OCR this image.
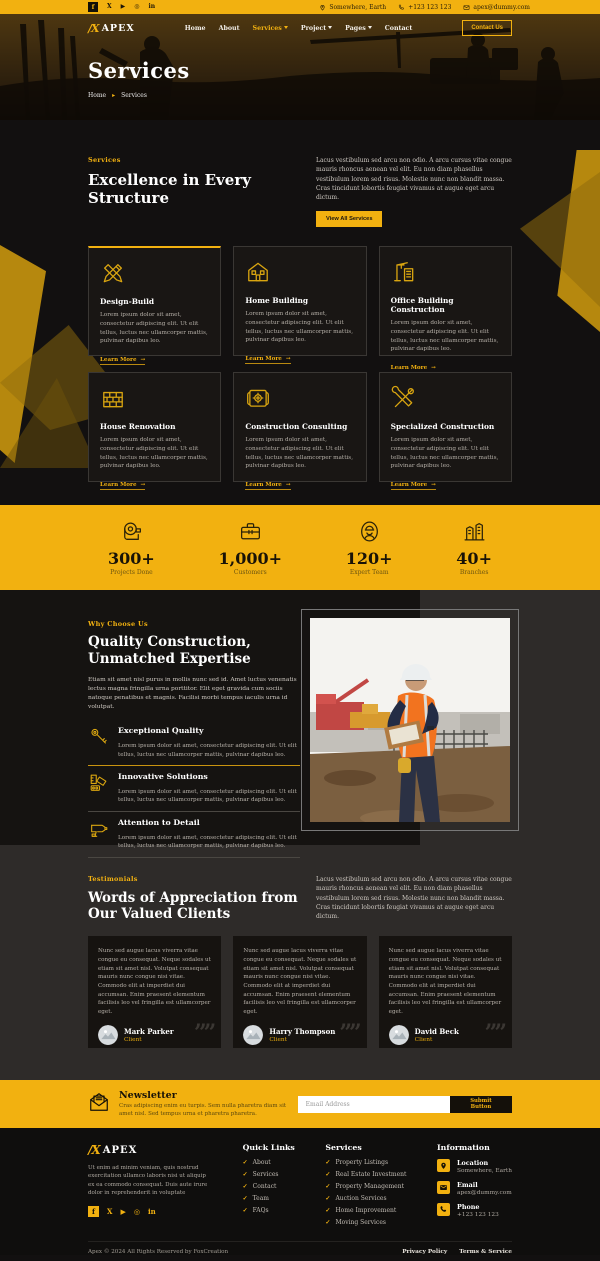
f	X ▶ ◎ in	Somewhere, Earth	+123 123 123	apex@dummy.com
/X APEX	Home About Services	Project	Pages	Contact	Contact Us
Services
Home ▸ Services
Services
Excellence in Every Structure

Lacus vestibulum sed arcu non odio. A arcu cursus vitae congue mauris rhoncus aenean vel elit. Eu non diam phasellus vestibulum lorem sed risus. Molestie nunc non blandit massa. Cras tincidunt lobortis feugiat vivamus at augue eget arcu dictum.

View All Services
Design-Build

Lorem ipsum dolor sit amet, consectetur adipiscing elit. Ut elit tellus, luctus nec ullamcorper mattis, pulvinar dapibus leo.

Learn More →
Home Building

Lorem ipsum dolor sit amet, consectetur adipiscing elit. Ut elit tellus, luctus nec ullamcorper mattis, pulvinar dapibus leo.

Learn More →
Office Building Construction

Lorem ipsum dolor sit amet, consectetur adipiscing elit. Ut elit tellus, luctus nec ullamcorper mattis, pulvinar dapibus leo.

Learn More →
House Renovation

Lorem ipsum dolor sit amet, consectetur adipiscing elit. Ut elit tellus, luctus nec ullamcorper mattis, pulvinar dapibus leo.

Learn More →
Construction Consulting

Lorem ipsum dolor sit amet, consectetur adipiscing elit. Ut elit tellus, luctus nec ullamcorper mattis, pulvinar dapibus leo.

Learn More →
Specialized Construction

Lorem ipsum dolor sit amet, consectetur adipiscing elit. Ut elit tellus, luctus nec ullamcorper mattis, pulvinar dapibus leo.

Learn More →
300+
Projects Done
1,000+
Customers
120+
Expert Team
40+
Branches
Why Choose Us
Quality Construction,
Unmatched Expertise

Etiam sit amet nisl purus in mollis nunc sed id. Amet luctus venenatis lectus magna fringilla urna porttitor. Elit eget gravida cum sociis natoque penatibus et magnis. Facilisi morbi tempus iaculis urna id volutpat.

Exceptional Quality

Lorem ipsum dolor sit amet, consectetur adipiscing elit. Ut elit tellus, luctus nec ullamcorper mattis, pulvinar dapibus leo.

Innovative Solutions

Lorem ipsum dolor sit amet, consectetur adipiscing elit. Ut elit tellus, luctus nec ullamcorper mattis, pulvinar dapibus leo.

Attention to Detail

Lorem ipsum dolor sit amet, consectetur adipiscing elit. Ut elit tellus, luctus nec ullamcorper mattis, pulvinar dapibus leo.

Testimonials
Words of Appreciation from
Our Valued Clients

Lacus vestibulum sed arcu non odio. A arcu cursus vitae congue mauris rhoncus aenean vel elit. Eu non diam phasellus vestibulum lorem sed risus. Molestie nunc non blandit massa. Cras tincidunt lobortis feugiat vivamus at augue eget arcu dictum.

Nunc sed augue lacus viverra vitae congue eu consequat. Neque sodales ut etiam sit amet nisl. Volutpat consequat mauris nunc congue nisi vitae. Commodo elit at imperdiet dui accumsan. Enim praesent elementum facilisis leo vel fringilla est ullamcorper eget.

Mark Parker
Client	””

Nunc sed augue lacus viverra vitae congue eu consequat. Neque sodales ut etiam sit amet nisl. Volutpat consequat mauris nunc congue nisi vitae. Commodo elit at imperdiet dui accumsan. Enim praesent elementum facilisis leo vel fringilla est ullamcorper eget.

Harry Thompson
Client	””

Nunc sed augue lacus viverra vitae congue eu consequat. Neque sodales ut etiam sit amet nisl. Volutpat consequat mauris nunc congue nisi vitae. Commodo elit at imperdiet dui accumsan. Enim praesent elementum facilisis leo vel fringilla est ullamcorper eget.

David Beck
Client	””
Newsletter
Cras adipiscing enim eu turpis. Sem nulla pharetra diam sit amet nisl. Sed tempus urna et pharetra pharetra.
Email Address
Submit Button
/X APEX

Ut enim ad minim veniam, quis nostrud exercitation ullamco laboris nisi ut aliquip ex ea commodo consequat. Duis aute irure dolor in reprehenderit in voluptate

f	X ▶ ◎ in
Quick Links
✓ About
✓ Services
✓ Contact
✓ Team
✓ FAQs
Services
✓ Property Listings
✓ Real Estate Investment
✓ Property Management
✓ Auction Services
✓ Home Improvement
✓ Moving Services
Information
Location
Somewhere, Earth
Email
apex@dummy.com
Phone
+123 123 123
Apex © 2024 All Rights Reserved by FoxCreation	Privacy Policy Terms & Service
